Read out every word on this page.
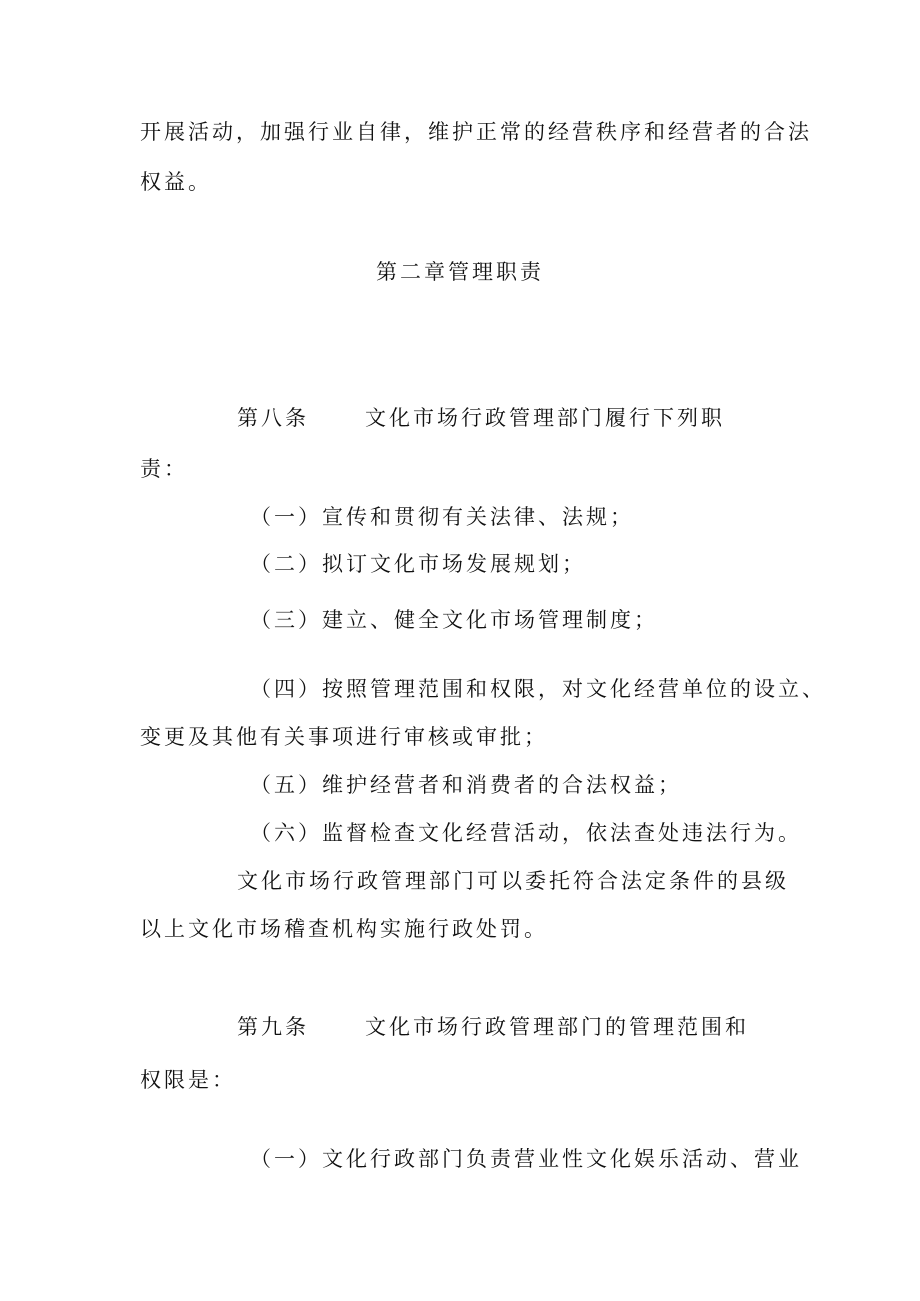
开展活动，加强行业自律，维护正常的经营秩序和经营者的合法
权益。
第二章管理职责
第八条	文化市场行政管理部门履行下列职
责：
（一）宣传和贯彻有关法律、法规；
（二）拟订文化市场发展规划；
（三）建立、健全文化市场管理制度；
（四）按照管理范围和权限，对文化经营单位的设立、
变更及其他有关事项进行审核或审批；
（五）维护经营者和消费者的合法权益；
（六）监督检查文化经营活动，依法查处违法行为。
文化市场行政管理部门可以委托符合法定条件的县级
以上文化市场稽查机构实施行政处罚。
第九条	文化市场行政管理部门的管理范围和
权限是：
（一）文化行政部门负责营业性文化娱乐活动、营业
